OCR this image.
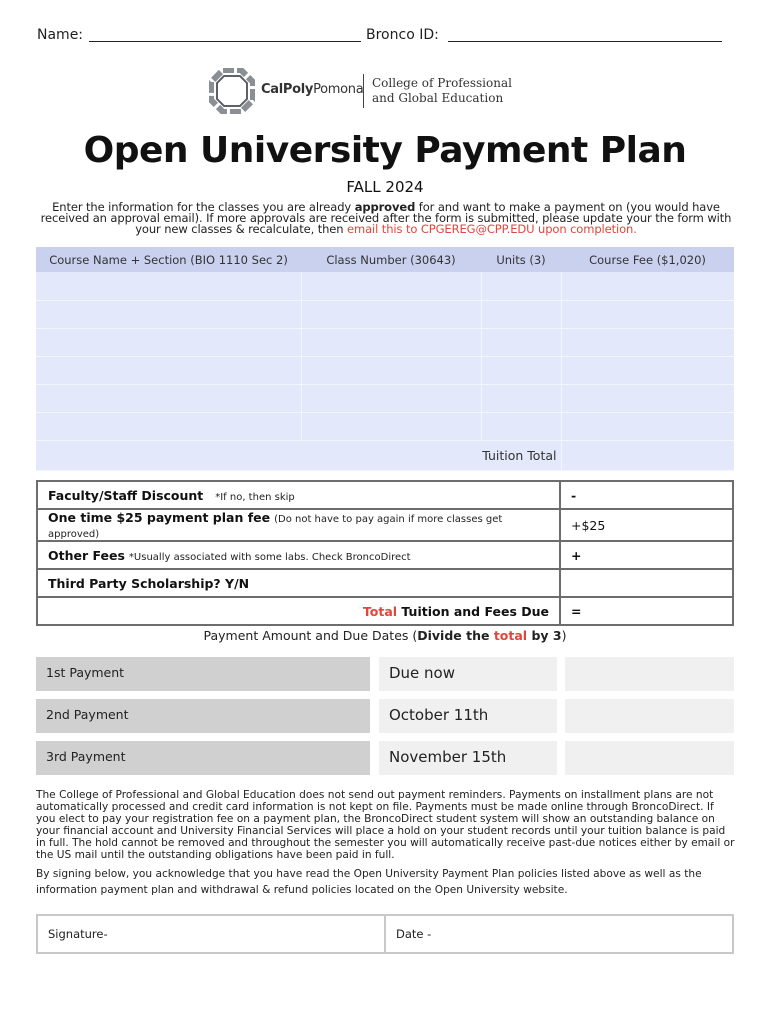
Name:	Bronco ID:
CalPolyPomona College of Professional
and Global Education
Open University Payment Plan
FALL 2024
Enter the information for the classes you are already approved for and want to make a payment on (you would have received an approval email). If more approvals are received after the form is submitted, please update your the form with your new classes & recalculate, then email this to CPGEREG@CPP.EDU upon completion.
Course Name + Section (BIO 1110 Sec 2)	Class Number (30643)	Units (3)	Course Fee ($1,020)

Tuition Total			
Faculty/Staff Discount *If no, then skip	-
One time $25 payment plan fee (Do not have to pay again if more classes get approved)	+$25
Other Fees *Usually associated with some labs. Check BroncoDirect	+
Third Party Scholarship? Y/N	
Total Tuition and Fees Due	=
Payment Amount and Due Dates (Divide the total by 3)
1st Payment	Due now
2nd Payment	October 11th
3rd Payment	November 15th
The College of Professional and Global Education does not send out payment reminders. Payments on installment plans are not automatically processed and credit card information is not kept on file. Payments must be made online through BroncoDirect. If you elect to pay your registration fee on a payment plan, the BroncoDirect student system will show an outstanding balance on your financial account and University Financial Services will place a hold on your student records until your tuition balance is paid in full. The hold cannot be removed and throughout the semester you will automatically receive past-due notices either by email or the US mail until the outstanding obligations have been paid in full.
By signing below, you acknowledge that you have read the Open University Payment Plan policies listed above as well as the information payment plan and withdrawal & refund policies located on the Open University website.
Signature-	Date -
